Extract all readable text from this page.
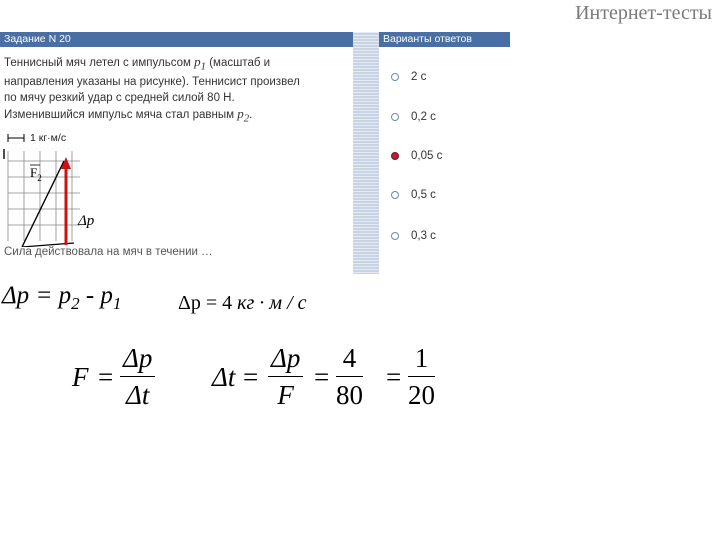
Интернет-тесты
Задание N 20
Теннисный мяч летел с импульсом $p_1$ (масштаб и
направления указаны на рисунке). Теннисист произвел
по мячу резкий удар с средней силой 80 Н.
Изменившийся импульс мяча стал равным $p_2$.
1 кг·м/с
$F_2$
Δp
Сила действовала на мяч в течении …
Варианты ответов
2 с
0,2 с
0,05 с
0,5 с
0,3 с
$\Delta p = p_2 - p_1$	Δp = 4 кг · м / с
$F = \frac{\Delta p}{\Delta t}$ $\Delta t = \frac{\Delta p}{F} = \frac{4}{80} = \frac{1}{20}$
